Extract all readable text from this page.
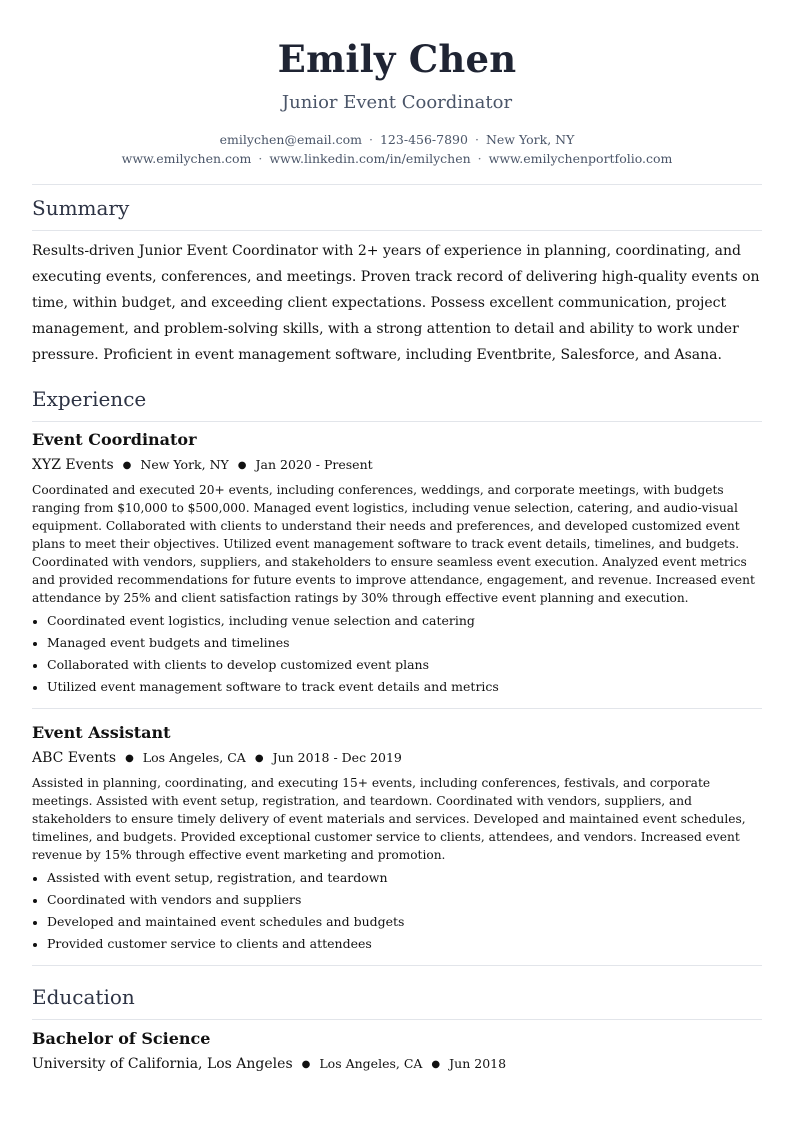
Emily Chen
Junior Event Coordinator
emilychen@email.com · 123-456-7890 · New York, NY
www.emilychen.com · www.linkedin.com/in/emilychen · www.emilychenportfolio.com
Summary

Results-driven Junior Event Coordinator with 2+ years of experience in planning, coordinating, and executing events, conferences, and meetings. Proven track record of delivering high-quality events on time, within budget, and exceeding client expectations. Possess excellent communication, project management, and problem-solving skills, with a strong attention to detail and ability to work under pressure. Proficient in event management software, including Eventbrite, Salesforce, and Asana.

Experience
Event Coordinator
XYZ Events ● New York, NY ● Jan 2020 - Present
Coordinated and executed 20+ events, including conferences, weddings, and corporate meetings, with budgets ranging from $10,000 to $500,000. Managed event logistics, including venue selection, catering, and audio-visual equipment. Collaborated with clients to understand their needs and preferences, and developed customized event plans to meet their objectives. Utilized event management software to track event details, timelines, and budgets. Coordinated with vendors, suppliers, and stakeholders to ensure seamless event execution. Analyzed event metrics and provided recommendations for future events to improve attendance, engagement, and revenue. Increased event attendance by 25% and client satisfaction ratings by 30% through effective event planning and execution.
Coordinated event logistics, including venue selection and catering
Managed event budgets and timelines
Collaborated with clients to develop customized event plans
Utilized event management software to track event details and metrics
Event Assistant
ABC Events ● Los Angeles, CA ● Jun 2018 - Dec 2019
Assisted in planning, coordinating, and executing 15+ events, including conferences, festivals, and corporate meetings. Assisted with event setup, registration, and teardown. Coordinated with vendors, suppliers, and stakeholders to ensure timely delivery of event materials and services. Developed and maintained event schedules, timelines, and budgets. Provided exceptional customer service to clients, attendees, and vendors. Increased event revenue by 15% through effective event marketing and promotion.
Assisted with event setup, registration, and teardown
Coordinated with vendors and suppliers
Developed and maintained event schedules and budgets
Provided customer service to clients and attendees
Education
Bachelor of Science
University of California, Los Angeles ● Los Angeles, CA ● Jun 2018
